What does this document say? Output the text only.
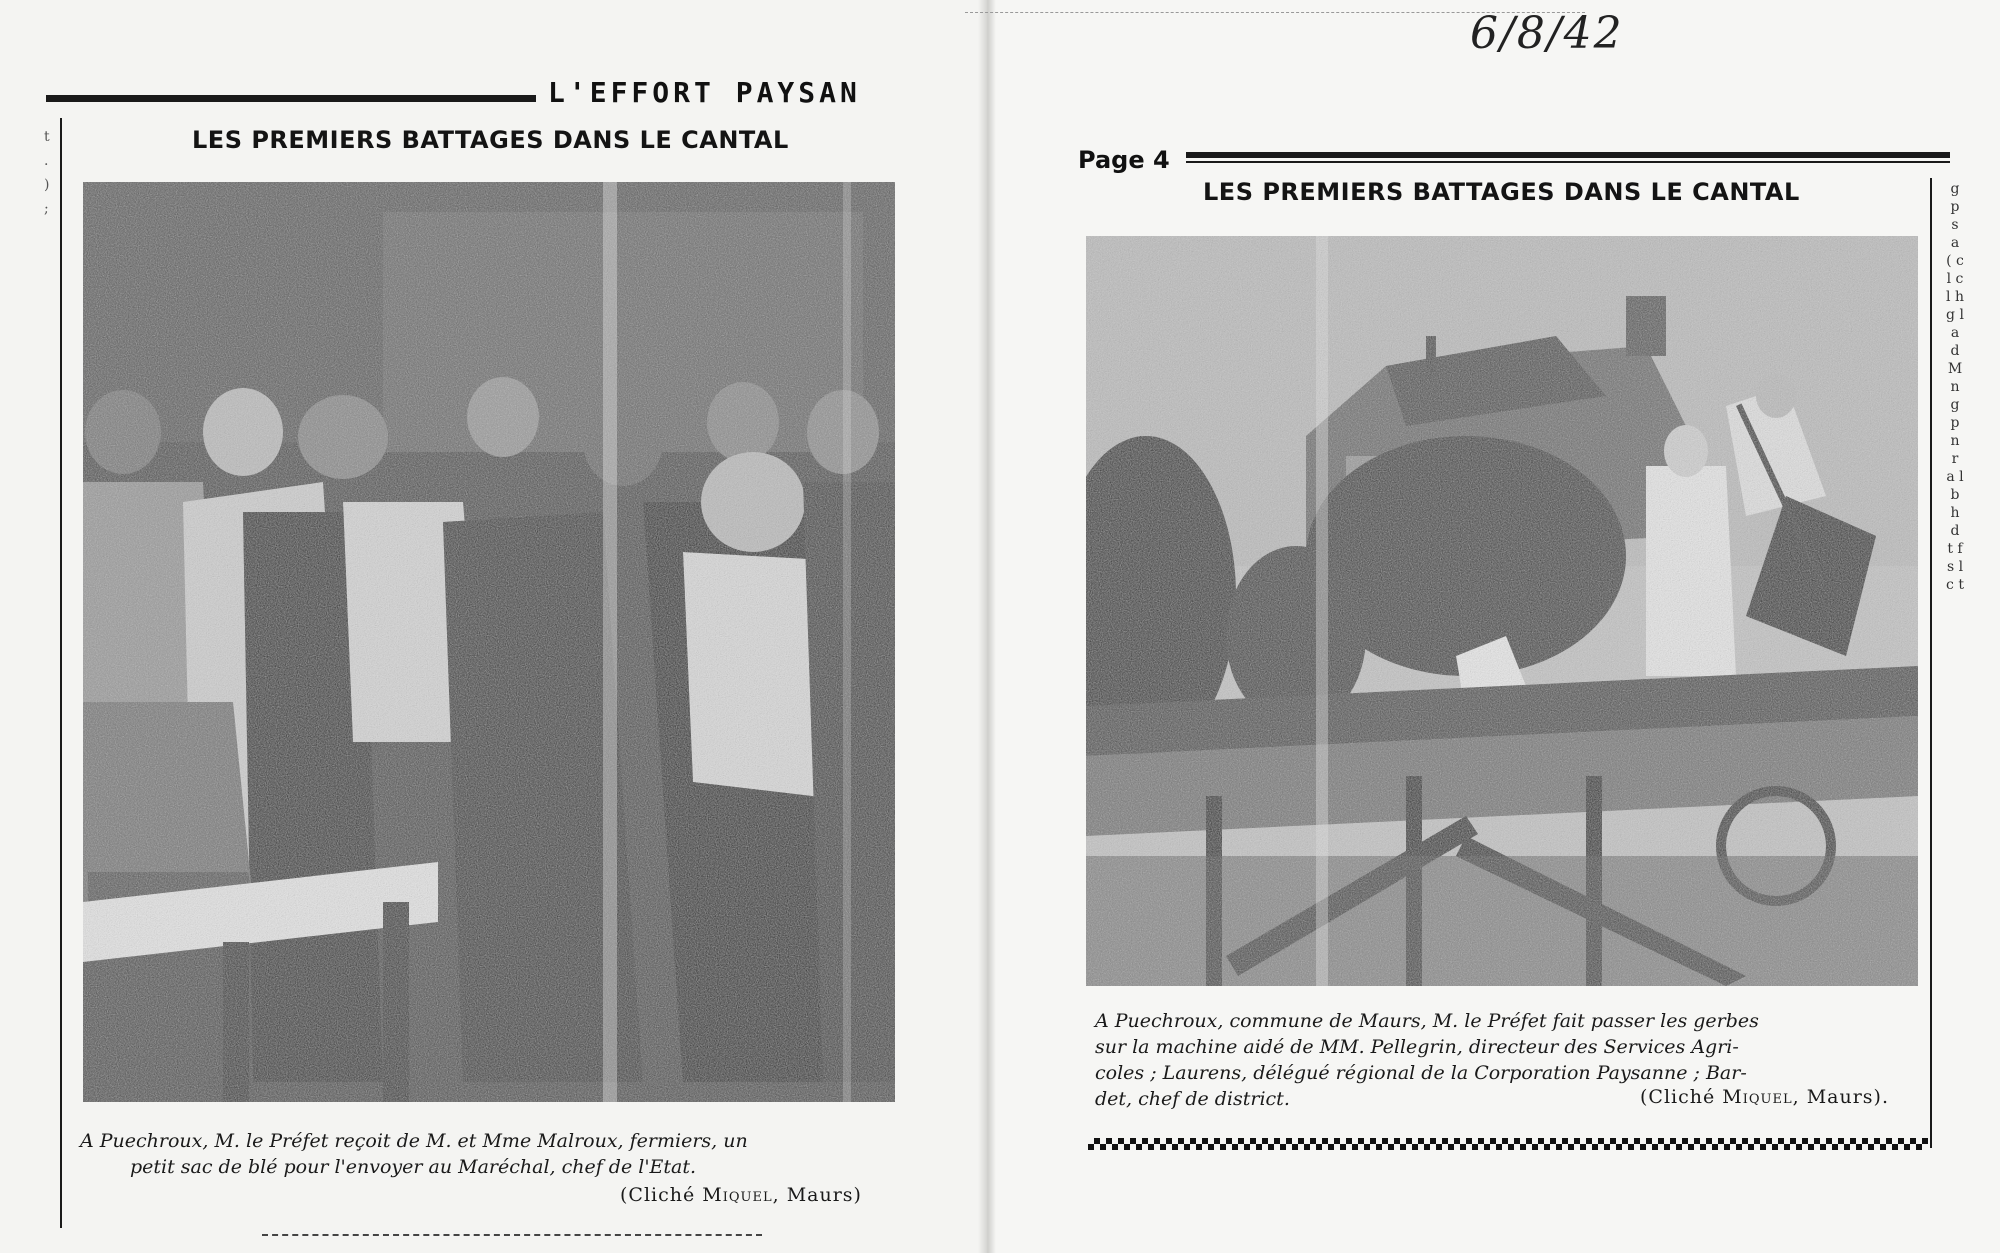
L'EFFORT PAYSAN
t . ) ;
LES PREMIERS BATTAGES DANS LE CANTAL

A Puechroux, M. le Préfet reçoit de M. et Mme Malroux, fermiers, un

petit sac de blé pour l'envoyer au Maréchal, chef de l'Etat.

(Cliché Miquel, Maurs)
6/8/42
Page 4
LES PREMIERS BATTAGES DANS LE CANTAL	g p s a ( c l c l h g l a d M n g p n r a l b h d t f s l c t

A Puechroux, commune de Maurs, M. le Préfet fait passer les gerbes

sur la machine aidé de MM. Pellegrin, directeur des Services Agri-

coles ; Laurens, délégué régional de la Corporation Paysanne ; Bar-

det, chef de district.	(Cliché Miquel, Maurs).
